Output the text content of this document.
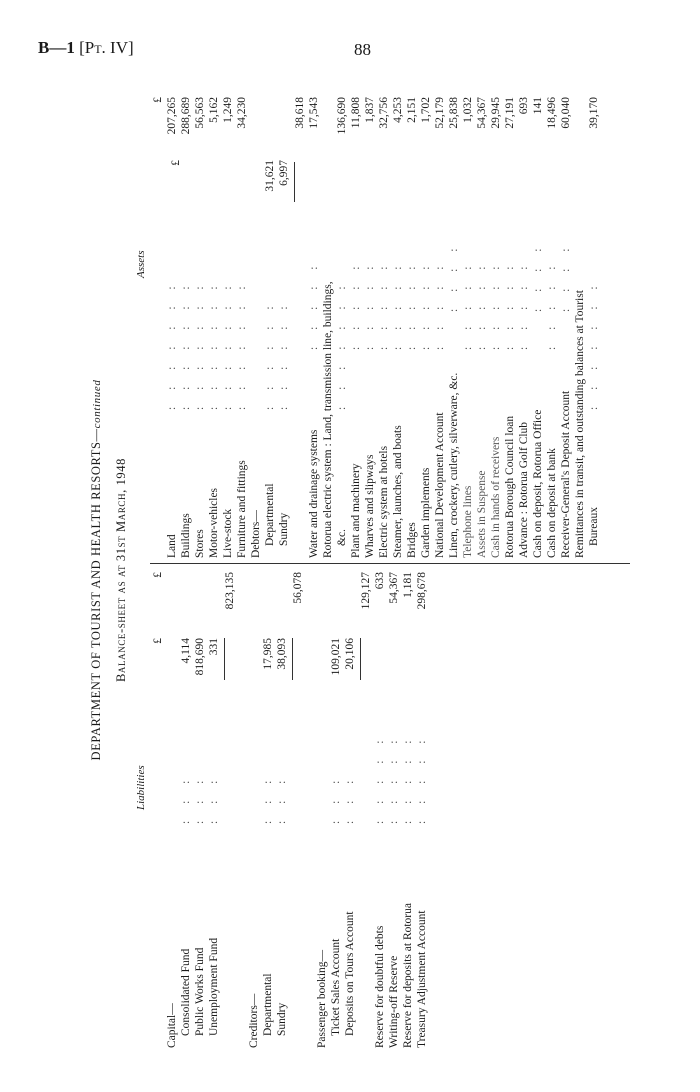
B—1 [Pt. IV]	88
DEPARTMENT OF TOURIST AND HEALTH RESORTS—continued
Balance-sheet as at 31st March, 1948
Liabilities
Assets
£
£
Capital— Consolidated Fund
: : :
4,114
Public Works Fund
: : :
818,690
Unemployment Fund
: : :
331
823,135
Creditors— Departmental
: : :
17,985
Sundry
: : :
38,093
56,078
Passenger booking— Ticket Sales Account
: : :
109,021
Deposits on Tours Account
: : :
20,106
129,127
Reserve for doubtful debts
: : : : :
633
Writing-off Reserve
: : : : :
54,367
Reserve for deposits at Rotorua
: : : : :
1,181
Treasury Adjustment Account
: : : : :
298,678
£
£
Land
: : : : : : :
207,265
Buildings
: : : : : : :
288,689
Stores
: : : : : : :
56,563
Motor-vehicles
: : : : : : :
5,162
Live-stock
: : : : : : :
1,249
Furniture and fittings
: : : : : : :
34,230
Debtors— Departmental
: : : : : :
31,621
Sundry
: : : : : :
6,997
38,618
Water and drainage systems
: : : : :
17,543
Rotorua electric system : Land, transmission line, buildings, &c.
: : : : : : :
136,690
Plant and machinery
: : : : :
11,808
Wharves and slipways
: : : : :
1,837
Electric system at hotels
: : : : :
32,756
Steamer, launches, and boats
: : : : :
4,253
Bridges
: : : : :
2,151
Garden implements
: : : : :
1,702
National Development Account
: : : : :
52,179
Linen, crockery, cutlery, silverware, &c.
: : : :
25,838
Telephone lines
: : : : :
1,032
Assets in Suspense
: : : : :
54,367
Cash in hands of receivers
: : : : :
29,945
Rotorua Borough Council loan
: : : : :
27,191
Advance : Rotorua Golf Club
: : : : :
693
Cash on deposit, Rotorua Office
: : : :
141
Cash on deposit at bank
: : : : :
18,496
Receiver-General's Deposit Account
: : : :
60,040
Remittances in transit, and outstanding balances at Tourist Bureaux
: : : : : : :
39,170
